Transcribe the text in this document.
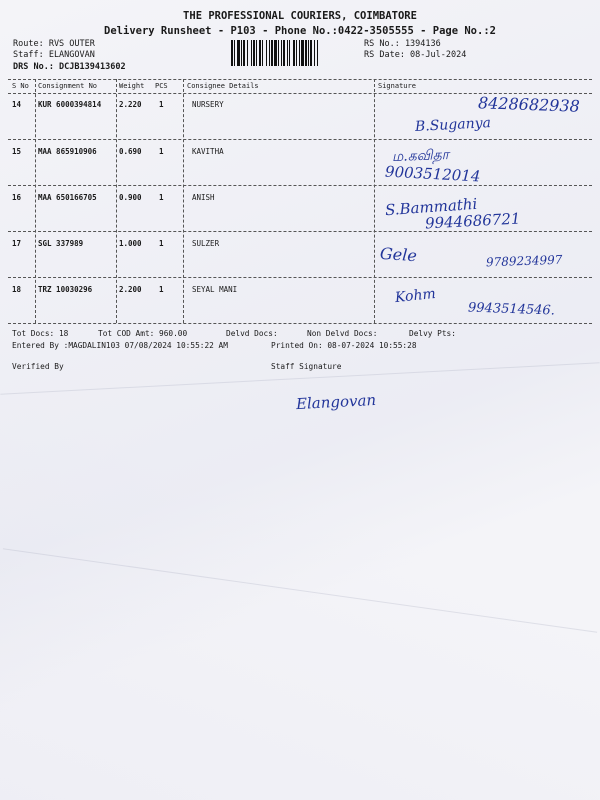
THE PROFESSIONAL COURIERS, COIMBATORE
Delivery Runsheet - P103 - Phone No.:0422-3505555 - Page No.:2
Route: RVS OUTER
Staff: ELANGOVAN
DRS No.: DCJB139413602
RS No.: 1394136
RS Date: 08-Jul-2024
S No Consignment No	Weight PCS	Consignee Details	Signature
14 KUR 6000394814 2.220 1	NURSERY	8428682938
B.Suganya
15 MAA 865910906	0.690 1	KAVITHA	ம.கவிதா
9003512014
16 MAA 650166705	0.900 1	ANISH	S.Bammathi
9944686721
17 SGL 337989	1.000 1	SULZER
Gele	9789234997
18 TRZ 10030296	2.200 1	SEYAL MANI	Kohm
9943514546.
Tot Docs: 18	Tot COD Amt: 960.00	Delvd Docs:	Non Delvd Docs:	Delvy Pts:
Entered By :MAGDALIN103 07/08/2024 10:55:22 AM	Printed On: 08-07-2024 10:55:28
Verified By	Staff Signature
Elangovan
